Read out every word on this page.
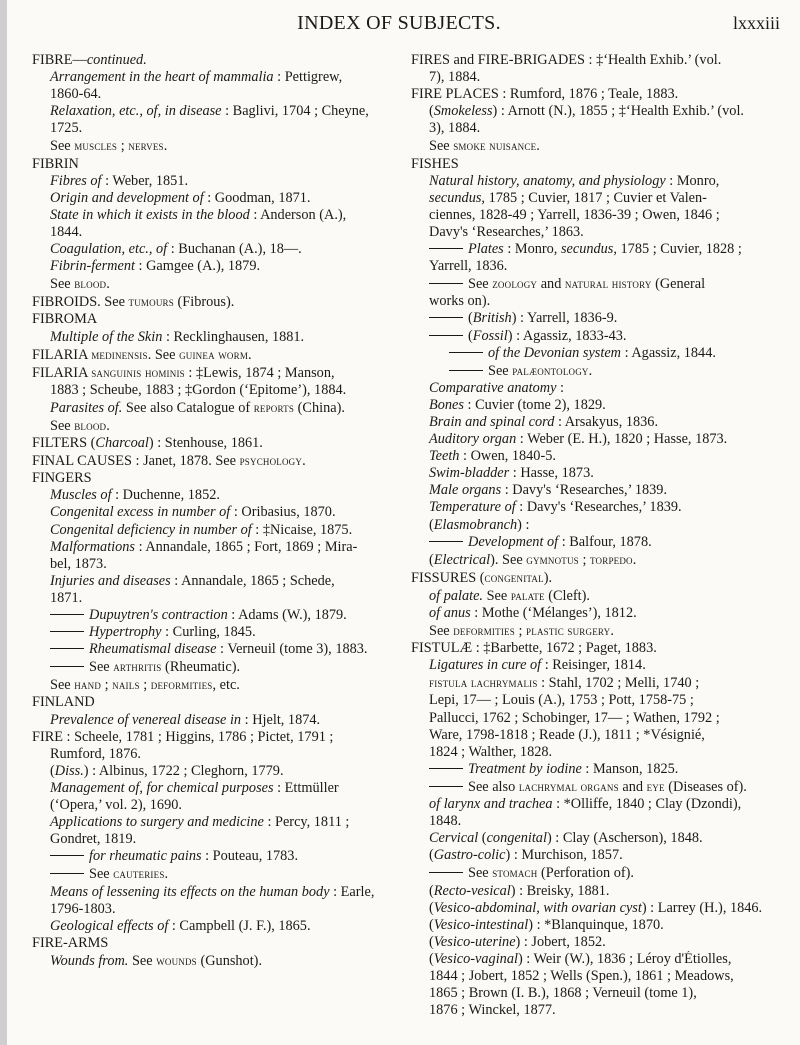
INDEX OF SUBJECTS.	lxxxiii
FIBRE—continued.
Arrangement in the heart of mammalia : Pettigrew,
1860-64.
Relaxation, etc., of, in disease : Baglivi, 1704 ; Cheyne,
1725.
See muscles ; nerves.
FIBRIN
Fibres of : Weber, 1851.
Origin and development of : Goodman, 1871.
State in which it exists in the blood : Anderson (A.),
1844.
Coagulation, etc., of : Buchanan (A.), 18—.
Fibrin-ferment : Gamgee (A.), 1879.
See blood.
FIBROIDS. See tumours (Fibrous).
FIBROMA
Multiple of the Skin : Recklinghausen, 1881.
FILARIA medinensis. See guinea worm.
FILARIA sanguinis hominis : ‡Lewis, 1874 ; Manson,
1883 ; Scheube, 1883 ; ‡Gordon (‘Epitome’), 1884.
Parasites of. See also Catalogue of reports (China).
See blood.
FILTERS (Charcoal) : Stenhouse, 1861.
FINAL CAUSES : Janet, 1878. See psychology.
FINGERS
Muscles of : Duchenne, 1852.
Congenital excess in number of : Oribasius, 1870.
Congenital deficiency in number of : ‡Nicaise, 1875.
Malformations : Annandale, 1865 ; Fort, 1869 ; Mira-
bel, 1873.
Injuries and diseases : Annandale, 1865 ; Schede,
1871.
Dupuytren's contraction : Adams (W.), 1879.
Hypertrophy : Curling, 1845.
Rheumatismal disease : Verneuil (tome 3), 1883.
See arthritis (Rheumatic).
See hand ; nails ; deformities, etc.
FINLAND
Prevalence of venereal disease in : Hjelt, 1874.
FIRE : Scheele, 1781 ; Higgins, 1786 ; Pictet, 1791 ;
Rumford, 1876.
(Diss.) : Albinus, 1722 ; Cleghorn, 1779.
Management of, for chemical purposes : Ettmüller
(‘Opera,’ vol. 2), 1690.
Applications to surgery and medicine : Percy, 1811 ;
Gondret, 1819.
for rheumatic pains : Pouteau, 1783.
See cauteries.
Means of lessening its effects on the human body : Earle,
1796-1803.
Geological effects of : Campbell (J. F.), 1865.
FIRE-ARMS
Wounds from. See wounds (Gunshot).
FIRES and FIRE-BRIGADES : ‡‘Health Exhib.’ (vol.
7), 1884.
FIRE PLACES : Rumford, 1876 ; Teale, 1883.
(Smokeless) : Arnott (N.), 1855 ; ‡‘Health Exhib.’ (vol.
3), 1884.
See smoke nuisance.
FISHES
Natural history, anatomy, and physiology : Monro,
secundus, 1785 ; Cuvier, 1817 ; Cuvier et Valen-
ciennes, 1828-49 ; Yarrell, 1836-39 ; Owen, 1846 ;
Davy's ‘Researches,’ 1863.
Plates : Monro, secundus, 1785 ; Cuvier, 1828 ;
Yarrell, 1836.
See zoology and natural history (General
works on).
(British) : Yarrell, 1836-9.
(Fossil) : Agassiz, 1833-43.
of the Devonian system : Agassiz, 1844.
See palæontology.
Comparative anatomy :
Bones : Cuvier (tome 2), 1829.
Brain and spinal cord : Arsakyus, 1836.
Auditory organ : Weber (E. H.), 1820 ; Hasse, 1873.
Teeth : Owen, 1840-5.
Swim-bladder : Hasse, 1873.
Male organs : Davy's ‘Researches,’ 1839.
Temperature of : Davy's ‘Researches,’ 1839.
(Elasmobranch) :
Development of : Balfour, 1878.
(Electrical). See gymnotus ; torpedo.
FISSURES (congenital).
of palate. See palate (Cleft).
of anus : Mothe (‘Mélanges’), 1812.
See deformities ; plastic surgery.
FISTULÆ : ‡Barbette, 1672 ; Paget, 1883.
Ligatures in cure of : Reisinger, 1814.
fistula lachrymalis : Stahl, 1702 ; Melli, 1740 ;
Lepi, 17— ; Louis (A.), 1753 ; Pott, 1758-75 ;
Pallucci, 1762 ; Schobinger, 17— ; Wathen, 1792 ;
Ware, 1798-1818 ; Reade (J.), 1811 ; *Vésignié,
1824 ; Walther, 1828.
Treatment by iodine : Manson, 1825.
See also lachrymal organs and eye (Diseases of).
of larynx and trachea : *Olliffe, 1840 ; Clay (Dzondi),
1848.
Cervical (congenital) : Clay (Ascherson), 1848.
(Gastro-colic) : Murchison, 1857.
See stomach (Perforation of).
(Recto-vesical) : Breisky, 1881.
(Vesico-abdominal, with ovarian cyst) : Larrey (H.), 1846.
(Vesico-intestinal) : *Blanquinque, 1870.
(Vesico-uterine) : Jobert, 1852.
(Vesico-vaginal) : Weir (W.), 1836 ; Léroy d'Étiolles,
1844 ; Jobert, 1852 ; Wells (Spen.), 1861 ; Meadows,
1865 ; Brown (I. B.), 1868 ; Verneuil (tome 1),
1876 ; Winckel, 1877.
